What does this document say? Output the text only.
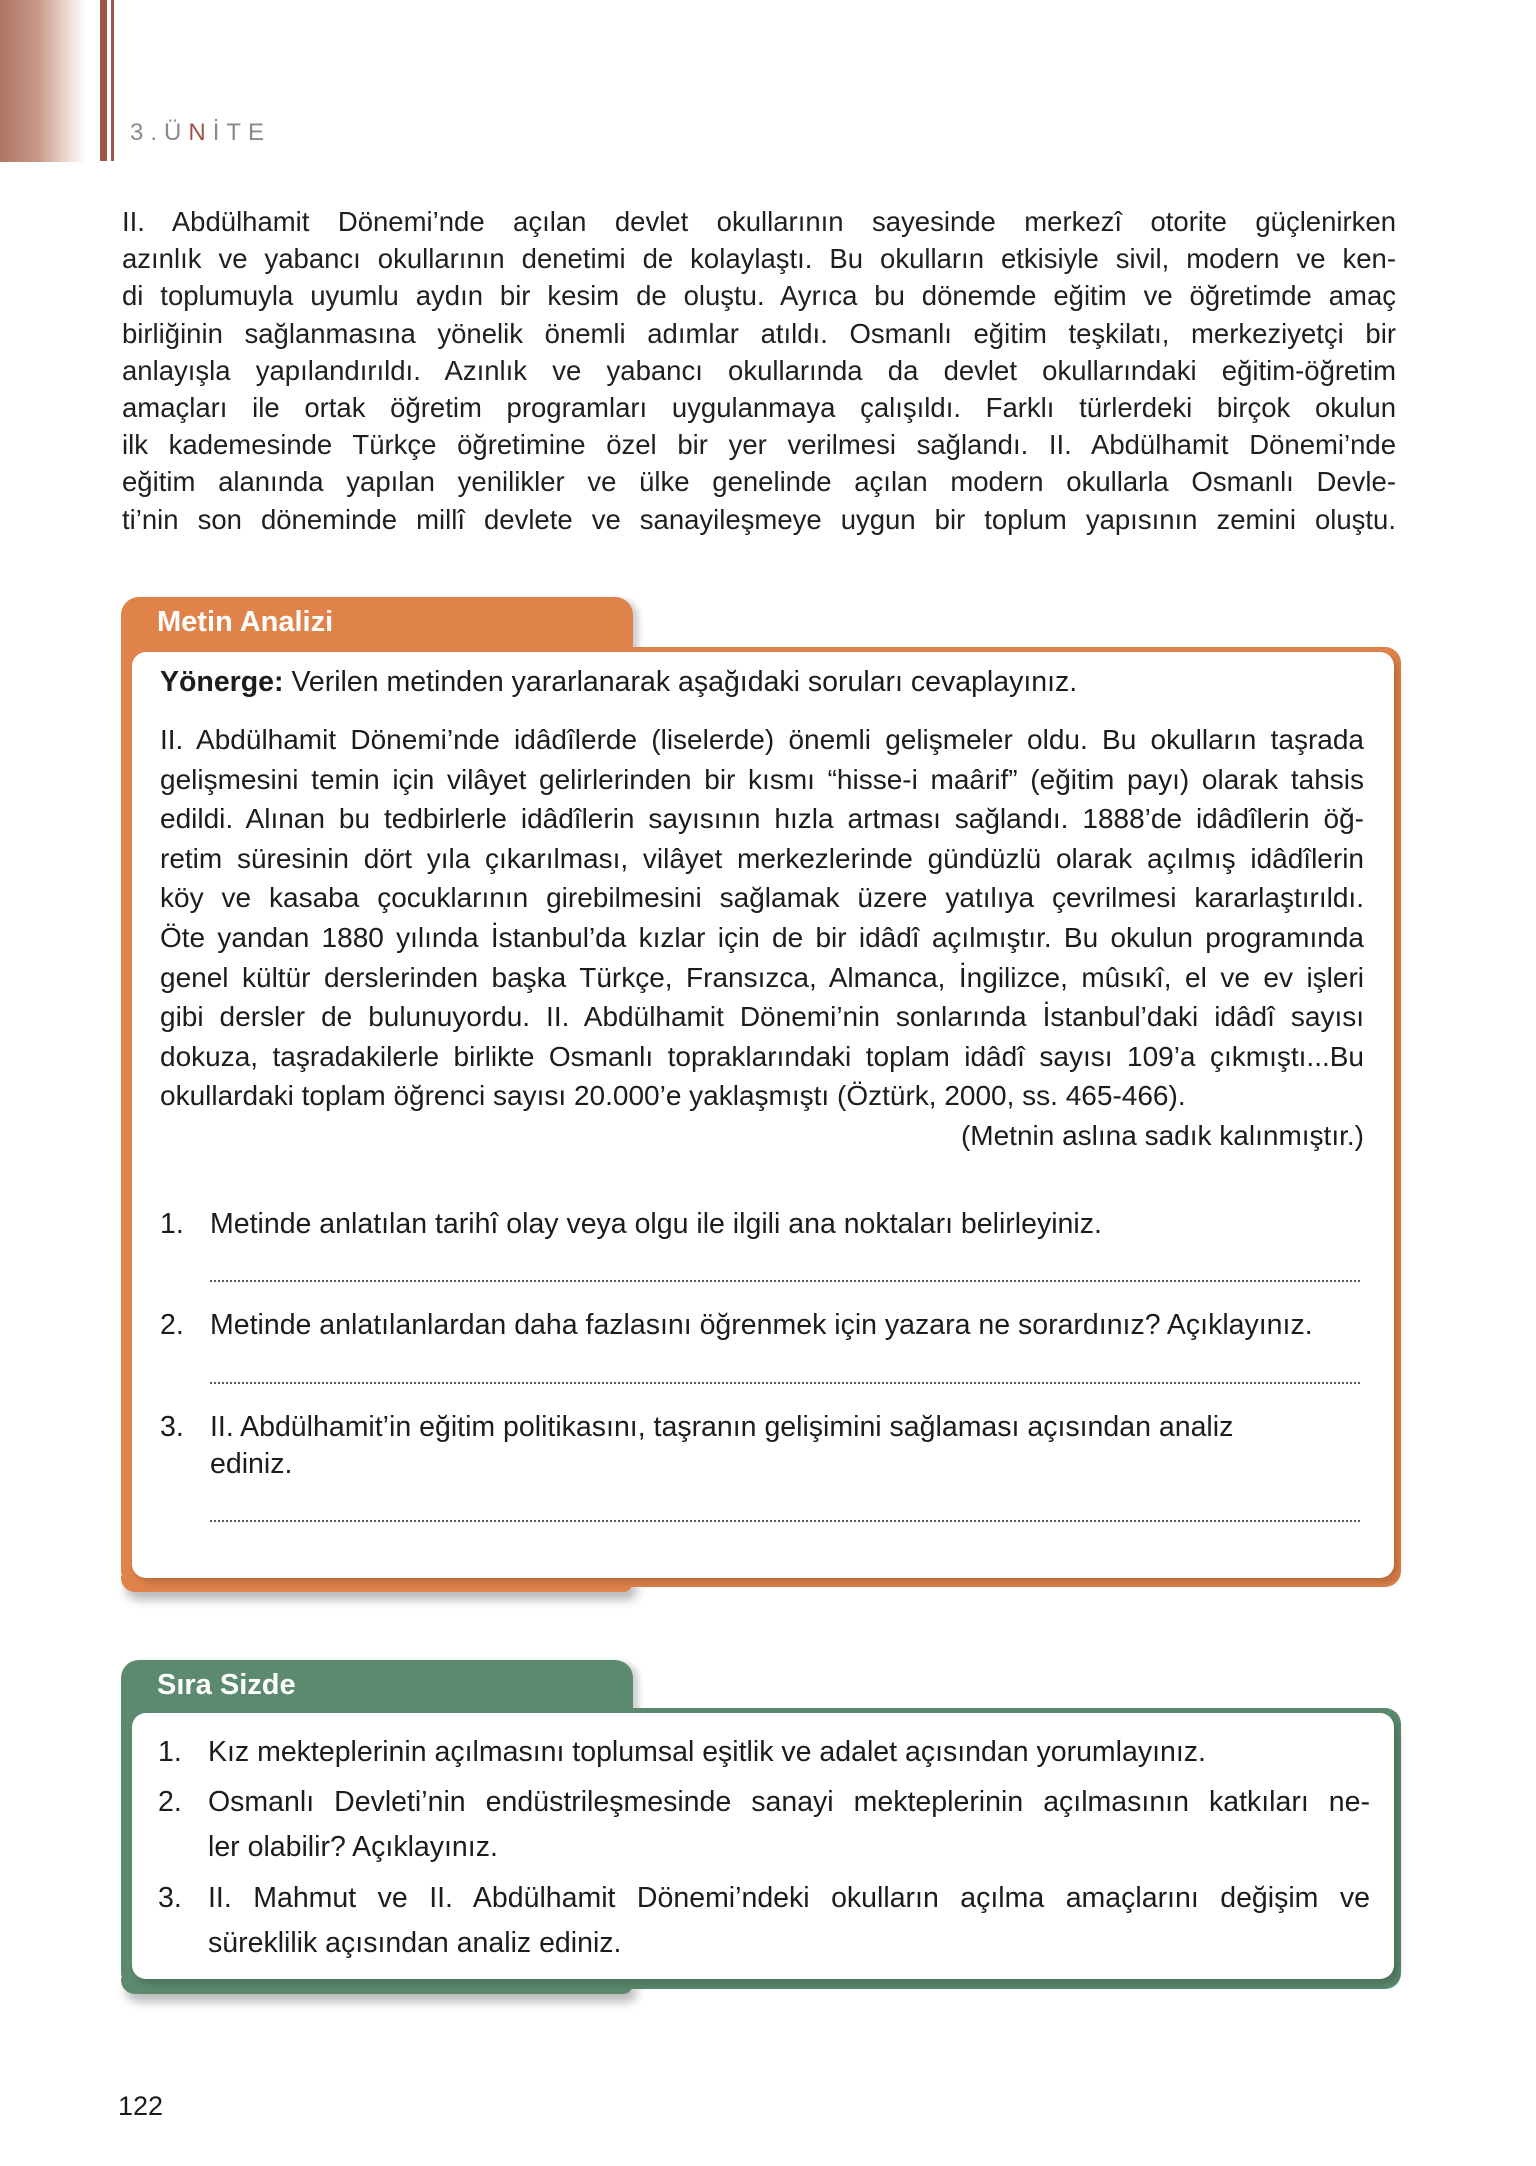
3.ÜNİTE
II. Abdülhamit Dönemi’nde açılan devlet okullarının sayesinde merkezî otorite güçlenirken
azınlık ve yabancı okullarının denetimi de kolaylaştı. Bu okulların etkisiyle sivil, modern ve ken-
di toplumuyla uyumlu aydın bir kesim de oluştu. Ayrıca bu dönemde eğitim ve öğretimde amaç
birliğinin sağlanmasına yönelik önemli adımlar atıldı. Osmanlı eğitim teşkilatı, merkeziyetçi bir
anlayışla yapılandırıldı. Azınlık ve yabancı okullarında da devlet okullarındaki eğitim-öğretim
amaçları ile ortak öğretim programları uygulanmaya çalışıldı. Farklı türlerdeki birçok okulun
ilk kademesinde Türkçe öğretimine özel bir yer verilmesi sağlandı. II. Abdülhamit Dönemi’nde
eğitim alanında yapılan yenilikler ve ülke genelinde açılan modern okullarla Osmanlı Devle-
ti’nin son döneminde millî devlete ve sanayileşmeye uygun bir toplum yapısının zemini oluştu.
Metin Analizi
Yönerge: Verilen metinden yararlanarak aşağıdaki soruları cevaplayınız.
II. Abdülhamit Dönemi’nde idâdîlerde (liselerde) önemli gelişmeler oldu. Bu okulların taşrada
gelişmesini temin için vilâyet gelirlerinden bir kısmı “hisse-i maârif” (eğitim payı) olarak tahsis
edildi. Alınan bu tedbirlerle idâdîlerin sayısının hızla artması sağlandı. 1888’de idâdîlerin öğ-
retim süresinin dört yıla çıkarılması, vilâyet merkezlerinde gündüzlü olarak açılmış idâdîlerin
köy ve kasaba çocuklarının girebilmesini sağlamak üzere yatılıya çevrilmesi kararlaştırıldı.
Öte yandan 1880 yılında İstanbul’da kızlar için de bir idâdî açılmıştır. Bu okulun programında
genel kültür derslerinden başka Türkçe, Fransızca, Almanca, İngilizce, mûsıkî, el ve ev işleri
gibi dersler de bulunuyordu. II. Abdülhamit Dönemi’nin sonlarında İstanbul’daki idâdî sayısı
dokuza, taşradakilerle birlikte Osmanlı topraklarındaki toplam idâdî sayısı 109’a çıkmıştı...Bu
okullardaki toplam öğrenci sayısı 20.000’e yaklaşmıştı (Öztürk, 2000, ss. 465-466).
(Metnin aslına sadık kalınmıştır.)
1. Metinde anlatılan tarihî olay veya olgu ile ilgili ana noktaları belirleyiniz.
2. Metinde anlatılanlardan daha fazlasını öğrenmek için yazara ne sorardınız? Açıklayınız.
3. II. Abdülhamit’in eğitim politikasını, taşranın gelişimini sağlaması açısından analiz
ediniz.
Sıra Sizde
1. Kız mekteplerinin açılmasını toplumsal eşitlik ve adalet açısından yorumlayınız.
2. Osmanlı Devleti’nin endüstrileşmesinde sanayi mekteplerinin açılmasının katkıları ne-
ler olabilir? Açıklayınız.
3. II. Mahmut ve II. Abdülhamit Dönemi’ndeki okulların açılma amaçlarını değişim ve
süreklilik açısından analiz ediniz.
122
